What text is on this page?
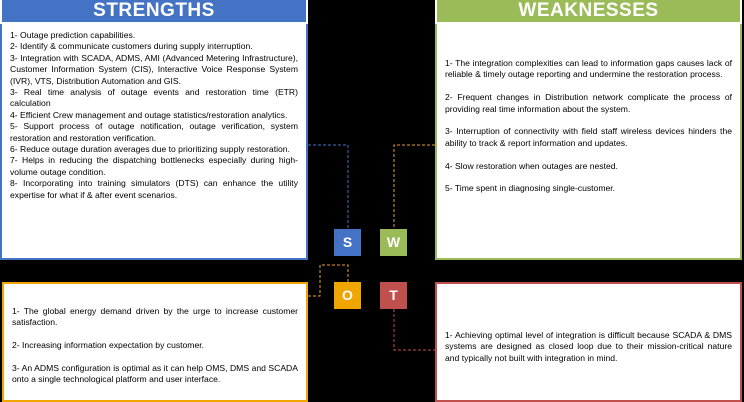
1- Outage prediction capabilities.

2- Identify & communicate customers during supply interruption.

3- Integration with SCADA, ADMS, AMI (Advanced Metering Infrastructure), Customer Information System (CIS), Interactive Voice Response System (IVR), VTS, Distribution Automation and GIS.

3- Real time analysis of outage events and restoration time (ETR) calculation

4- Efficient Crew management and outage statistics/restoration analytics.

5- Support process of outage notification, outage verification, system restoration and restoration verification.

6- Reduce outage duration averages due to prioritizing supply restoration.

7- Helps in reducing the dispatching bottlenecks especially during high-volume outage condition.

8- Incorporating into training simulators (DTS) can enhance the utility expertise for what if & after event scenarios.

STRENGTHS

1- The integration complexities can lead to information gaps causes lack of reliable & timely outage reporting and undermine the restoration process.

2- Frequent changes in Distribution network complicate the process of providing real time information about the system.

3- Interruption of connectivity with field staff wireless devices hinders the ability to track & report information and updates.

4- Slow restoration when outages are nested.

5- Time spent in diagnosing single-customer.

WEAKNESSES

1- The global energy demand driven by the urge to increase customer satisfaction.

2- Increasing information expectation by customer.

3- An ADMS configuration is optimal as it can help OMS, DMS and SCADA onto a single technological platform and user interface.

1- Achieving optimal level of integration is difficult because SCADA & DMS systems are designed as closed loop due to their mission-critical nature and typically not built with integration in mind.

S	W
O	T
